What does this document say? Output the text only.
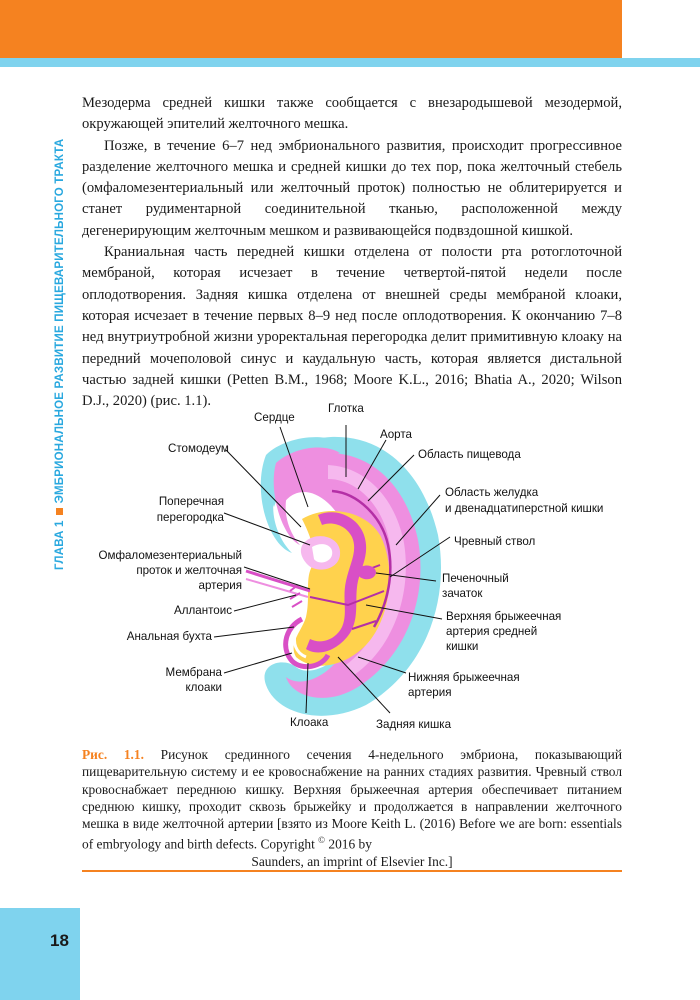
ГЛАВА 1ЭМБРИОНАЛЬНОЕ РАЗВИТИЕ ПИЩЕВАРИТЕЛЬНОГО ТРАКТА

Мезодерма средней кишки также сообщается с внезародышевой мезодермой, окружающей эпителий желточного мешка.

Позже, в течение 6–7 нед эмбрионального развития, происходит прогрессивное разделение желточного мешка и средней кишки до тех пор, пока желточный стебель (омфаломезентериальный или желточный проток) полностью не облитерируется и станет рудиментарной соединительной тканью, расположенной между дегенерирующим желточным мешком и развивающейся подвздошной кишкой.

Краниальная часть передней кишки отделена от полости рта ротоглоточной мембраной, которая исчезает в течение четвертой-пятой недели после оплодотворения. Задняя кишка отделена от внешней среды мембраной клоаки, которая исчезает в течение первых 8–9 нед после оплодотворения. К окончанию 7–8 нед внутриутробной жизни уроректальная перегородка делит примитивную клоаку на передний мочеполовой синус и каудальную часть, которая является дистальной частью задней кишки (Petten B.M., 1968; Moore K.L., 2016; Bhatia A., 2020; Wilson D.J., 2020) (рис. 1.1).	Глотка
Сердце
Аорта
Стомодеум	Область пищевода
Область желудка
и двенадцатиперстной кишки
Поперечная
перегородка
Чревный ствол
Омфаломезентериальный
проток и желточная
артерия
Печеночный
зачаток
Аллантоис	Верхняя брыжеечная
артерия средней
кишки
Анальная бухта
Мембрана
клоаки
Нижняя брыжеечная
артерия
Клоака	Задняя кишка
Рис. 1.1. Рисунок срединного сечения 4-недельного эмбриона, показывающий пищеварительную систему и ее кровоснабжение на ранних стадиях развития. Чревный ствол кровоснабжает переднюю кишку. Верхняя брыжеечная артерия обеспечивает питанием среднюю кишку, проходит сквозь брыжейку и продолжается в направлении желточного мешка в виде желточной артерии [взято из Moore Keith L. (2016) Before we are born: essentials of embryology and birth defects. Copyright © 2016 by
Saunders, an imprint of Elsevier Inc.]
18
